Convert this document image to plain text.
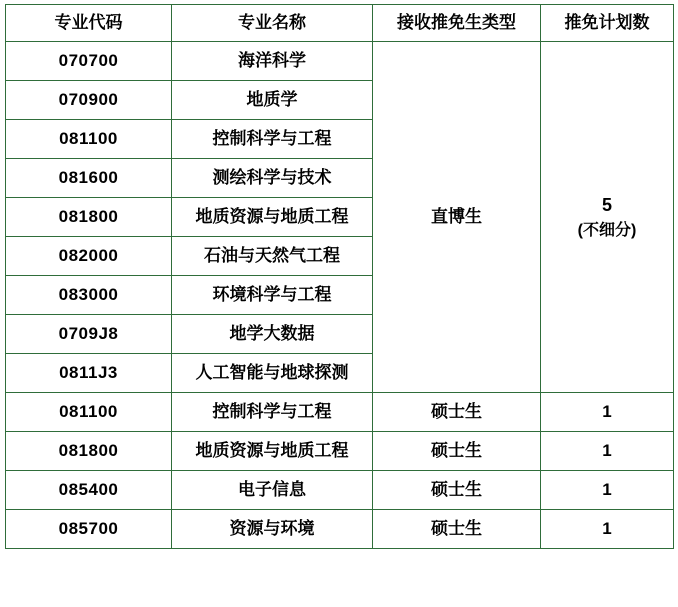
专业代码	专业名称	接收推免生类型	推免计划数
070700	海洋科学	直博生	5
(不细分)

070900	地质学		
081100	控制科学与工程		
081600	测绘科学与技术		
081800	地质资源与地质工程		
082000	石油与天然气工程		
083000	环境科学与工程		
0709J8	地学大数据		
0811J3	人工智能与地球探测		
081100	控制科学与工程	硕士生	1
081800	地质资源与地质工程	硕士生	1
085400	电子信息	硕士生	1
085700	资源与环境	硕士生	1
